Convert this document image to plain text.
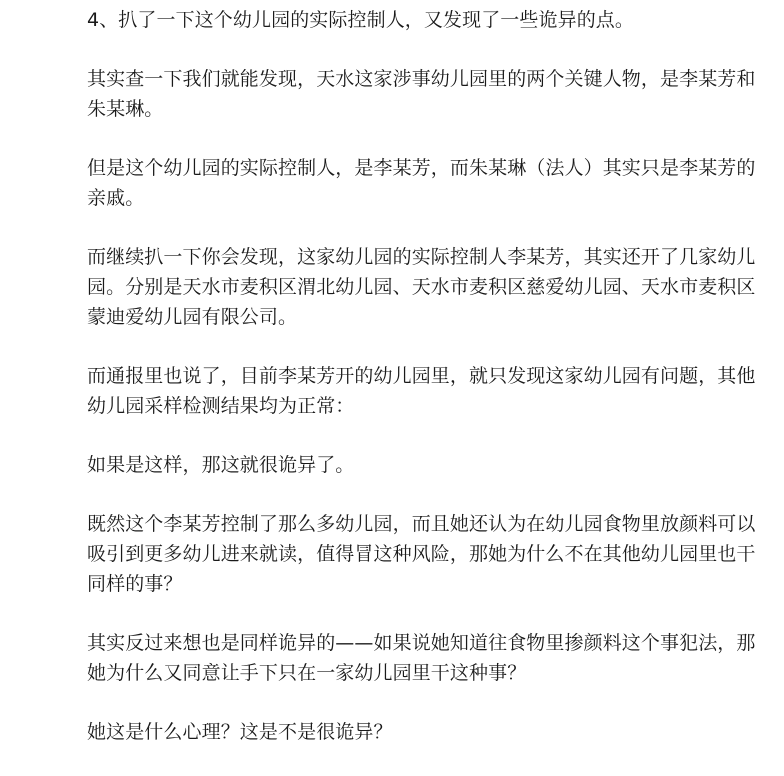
4、扒了一下这个幼儿园的实际控制人，又发现了一些诡异的点。

其实查一下我们就能发现，天水这家涉事幼儿园里的两个关键人物，是李某芳和朱某琳。

但是这个幼儿园的实际控制人，是李某芳，而朱某琳（法人）其实只是李某芳的亲戚。

而继续扒一下你会发现，这家幼儿园的实际控制人李某芳，其实还开了几家幼儿园。分别是天水市麦积区渭北幼儿园、天水市麦积区慈爱幼儿园、天水市麦积区蒙迪爱幼儿园有限公司。

而通报里也说了，目前李某芳开的幼儿园里，就只发现这家幼儿园有问题，其他幼儿园采样检测结果均为正常：

如果是这样，那这就很诡异了。

既然这个李某芳控制了那么多幼儿园，而且她还认为在幼儿园食物里放颜料可以吸引到更多幼儿进来就读，值得冒这种风险，那她为什么不在其他幼儿园里也干同样的事？

其实反过来想也是同样诡异的——如果说她知道往食物里掺颜料这个事犯法，那她为什么又同意让手下只在一家幼儿园里干这种事？

她这是什么心理？这是不是很诡异？
